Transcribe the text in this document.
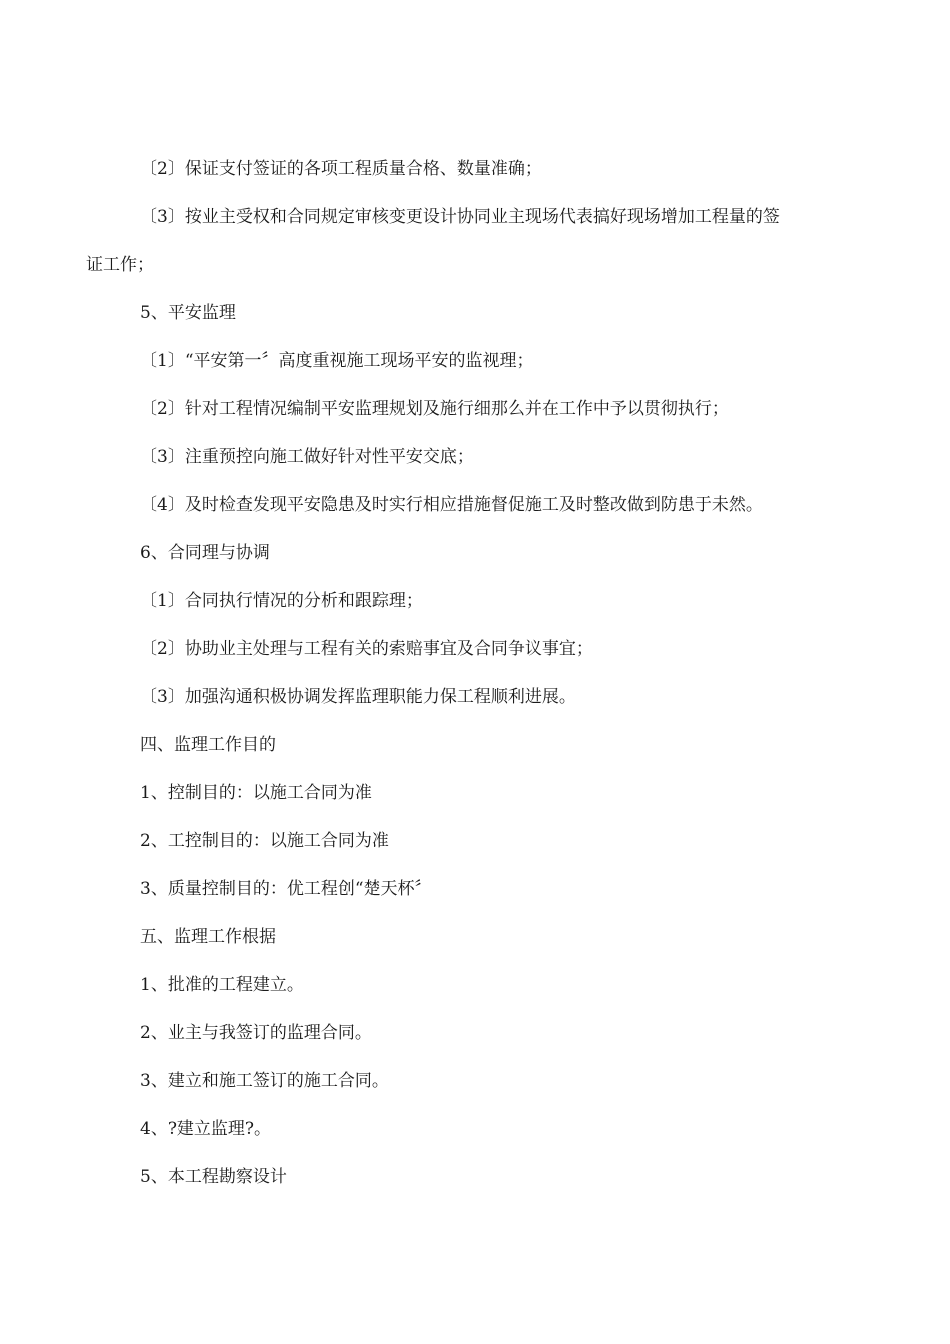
〔2〕保证支付签证的各项工程质量合格、数量准确；
〔3〕按业主受权和合同规定审核变更设计协同业主现场代表搞好现场增加工程量的签
证工作；
5、平安监理
〔1〕“平安第一〞高度重视施工现场平安的监视理；
〔2〕针对工程情况编制平安监理规划及施行细那么并在工作中予以贯彻执行；
〔3〕注重预控向施工做好针对性平安交底；
〔4〕及时检查发现平安隐患及时实行相应措施督促施工及时整改做到防患于未然。
6、合同理与协调
〔1〕合同执行情况的分析和跟踪理；
〔2〕协助业主处理与工程有关的索赔事宜及合同争议事宜；
〔3〕加强沟通积极协调发挥监理职能力保工程顺利进展。
四、监理工作目的
1、控制目的：以施工合同为准
2、工控制目的：以施工合同为准
3、质量控制目的：优工程创“楚天杯〞
五、监理工作根据
1、批准的工程建立。
2、业主与我签订的监理合同。
3、建立和施工签订的施工合同。
4、?建立监理?。
5、本工程勘察设计
